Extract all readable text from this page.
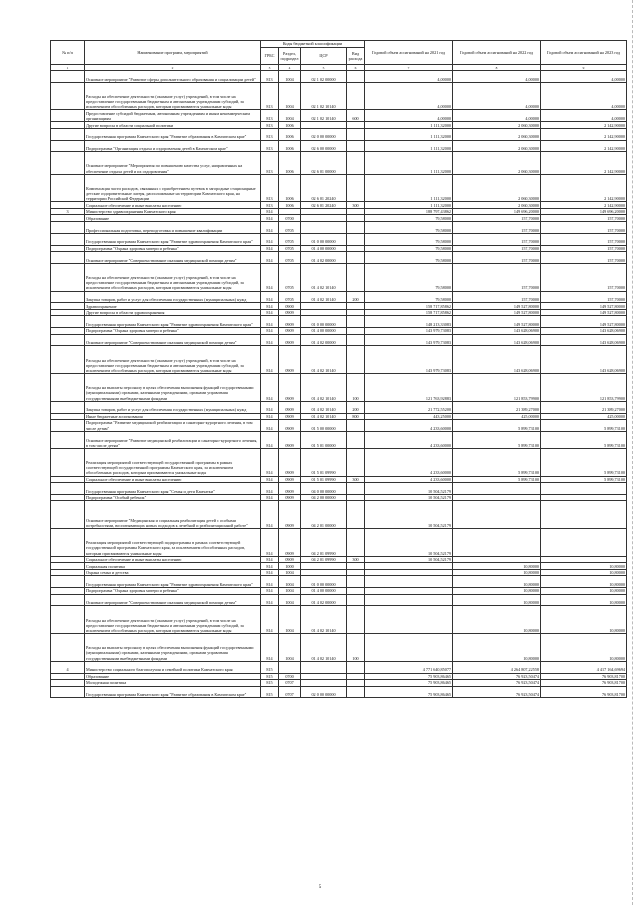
№ п/п	Наименование программ, мероприятий	Коды бюджетной классификации				Годовой объем ассигнований на 2021 год	Годовой объем ассигнований на 2022 год	Годовой объем ассигнований на 2023 год
		ГРБС	Раздел, подраздел	ЦСР	Вид расхода			
1	2	3	4	5	6	7	8	9
	Основное мероприятие "Развитие сферы дополнительного образования и социализации детей"	813	1004	02 1 02 00000		4,00000	4,00000	4,00000
	Расходы на обеспечение деятельности (оказание услуг) учреждений, в том числе на предоставление государственным бюджетным и автономным учреждениям субсидий, за исключением обособленных расходов, которым присваиваются уникальные коды	813	1004	02 1 02 10140		4,00000	4,00000	4,00000
	Предоставление субсидий бюджетным, автономным учреждениям и иным некоммерческим организациям	813	1004	02 1 02 10140	600	4,00000	4,00000	4,00000
	Другие вопросы в области социальной политики	813	1006			1 111,32000	2 060,30000	2 142,90000
	Государственная программа Камчатского края "Развитие образования в Камчатском крае"	813	1006	02 0 00 00000		1 111,32000	2 060,30000	2 142,90000
	Подпрограмма "Организация отдыха и оздоровления детей в Камчатском крае"	813	1006	02 6 00 00000		1 111,32000	2 060,30000	2 142,90000
	Основное мероприятие "Мероприятия по повышению качества услуг, направленных на обеспечение отдыха детей и их оздоровления"	813	1006	02 6 01 00000		1 111,32000	2 060,30000	2 142,90000
	Компенсация части расходов, связанных с приобретением путевок в загородные стационарные детские оздоровительные лагеря, расположенные на территории Камчатского края, на территории Российской Федерации	813	1006	02 6 01 20240		1 111,32000	2 060,30000	2 142,90000
	Социальное обеспечение и иные выплаты населению	813	1006	02 6 01 20240	300	1 111,32000	2 060,30000	2 142,90000
3	Министерство здравоохранения Камчатского края	814				188 797,43862	149 696,20000	149 696,20000
	Образование	814	0700			79,58000	157,70000	157,70000
	Профессиональная подготовка, переподготовка и повышение квалификации	814	0705			79,58000	157,70000	157,70000
	Государственная программа Камчатского края "Развитие здравоохранения Камчатского края"	814	0705	01 0 00 00000		79,58000	157,70000	157,70000
	Подпрограмма "Охрана здоровья матери и ребенка"	814	0705	01 4 00 00000		79,58000	157,70000	157,70000
	Основное мероприятие "Совершенствование оказания медицинской помощи детям"	814	0705	01 4 02 00000		79,58000	157,70000	157,70000
	Расходы на обеспечение деятельности (оказание услуг) учреждений, в том числе на предоставление государственным бюджетным и автономным учреждениям субсидий, за исключением обособленных расходов, которым присваиваются уникальные коды	814	0705	01 4 02 10140		79,58000	157,70000	157,70000
	Закупка товаров, работ и услуг для обеспечения государственных (муниципальных) нужд	814	0705	01 4 02 10140	200	79,58000	157,70000	157,70000
	Здравоохранение	814	0900			158 717,85862	149 527,80000	149 527,80000
	Другие вопросы в области здравоохранения	814	0909			158 717,85862	149 527,80000	149 527,80000
	Государственная программа Камчатского края "Развитие здравоохранения Камчатского края"	814	0909	01 0 00 00000		148 213,33083	149 527,80000	149 527,80000
	Подпрограмма "Охрана здоровья матери и ребенка"	814	0909	01 4 00 00000		143 979,73083	143 628,06900	143 628,06900
	Основное мероприятие "Совершенствование оказания медицинской помощи детям"	814	0909	01 4 02 00000		143 979,73083	143 628,06900	143 628,06900
	Расходы на обеспечение деятельности (оказание услуг) учреждений, в том числе на предоставление государственным бюджетным и автономным учреждениям субсидий, за исключением обособленных расходов, которым присваиваются уникальные коды	814	0909	01 4 02 10140		143 979,73083	143 628,06900	143 628,06900
	Расходы на выплаты персоналу в целях обеспечения выполнения функций государственными (муниципальными) органами, казенными учреждениями, органами управления государственными внебюджетными фондами	814	0909	01 4 02 10140	100	121 763,92883	121 853,79900	121 853,79900
	Закупка товаров, работ и услуг для обеспечения государственных (муниципальных) нужд	814	0909	01 4 02 10140	200	21 772,55200	21 389,27000	21 389,27000
	Иные бюджетные ассигнования	814	0909	01 4 02 10140	800	443,25000	425,00000	425,00000
	Подпрограмма "Развитие медицинской реабилитации и санаторно-курортного лечения, в том числе детям"	814	0909	01 5 00 00000		4 233,60000	5 899,73100	5 899,73100
	Основное мероприятие "Развитие медицинской реабилитации и санаторно-курортного лечения, в том числе детям"	814	0909	01 5 01 00000		4 233,60000	5 899,73100	5 899,73100
	Реализация мероприятий соответствующей государственной программы в рамках соответствующей государственной программы Камчатского края, за исключением обособленных расходов, которым присваиваются уникальные коды	814	0909	01 5 01 09990		4 233,60000	5 899,73100	5 899,73100
	Социальное обеспечение и иные выплаты населению	814	0909	01 5 01 09990	300	4 233,60000	5 899,73100	5 899,73100
	Государственная программа Камчатского края "Семья и дети Камчатки"	814	0909	04 0 00 00000		10 504,52179		
	Подпрограмма "Особый ребенок"	814	0909	04 2 00 00000		10 504,52179		
	Основное мероприятие "Медицинская и социальная реабилитация детей с особыми потребностями, воспитывающих новых подходов к лечебной и реабилитационной работе"	814	0909	04 2 01 00000		10 504,52179		
	Реализация мероприятий соответствующей подпрограммы в рамках соответствующей государственной программы Камчатского края, за исключением обособленных расходов, которым присваиваются уникальные коды	814	0909	04 2 01 09990		10 504,52179		
	Социальное обеспечение и иные выплаты населению	814	0909	04 2 01 09990	300	10 504,52179		
	Социальная политика	814	1000				10,80000	10,80000
	Охрана семьи и детства	814	1004				10,80000	10,80000
	Государственная программа Камчатского края "Развитие здравоохранения Камчатского края"	814	1004	01 0 00 00000			10,80000	10,80000
	Подпрограмма "Охрана здоровья матери и ребенка"	814	1004	01 4 00 00000			10,80000	10,80000
	Основное мероприятие "Совершенствование оказания медицинской помощи детям"	814	1004	01 4 02 00000			10,80000	10,80000
	Расходы на обеспечение деятельности (оказание услуг) учреждений, в том числе на предоставление государственным бюджетным и автономным учреждениям субсидий, за исключением обособленных расходов, которым присваиваются уникальные коды	814	1004	01 4 02 10140			10,80000	10,80000
	Расходы на выплаты персоналу в целях обеспечения выполнения функций государственными (муниципальными) органами, казенными учреждениями, органами управления государственными внебюджетными фондами	814	1004	01 4 02 10140	100		10,80000	10,80000
4	Министерство социального благополучия и семейной политики Камчатского края	815				4 771 640,85077	4 264 807,22558	4 417 164,69694
	Образование	815	0700			75 903,86465	76 923,50474	76 903,81700
	Молодежная политика	815	0707			75 903,86465	76 923,50474	76 903,81700
	Государственная программа Камчатского края "Развитие образования в Камчатском крае"	815	0707	02 0 00 00000		75 903,86465	76 923,50474	76 903,81700
5
